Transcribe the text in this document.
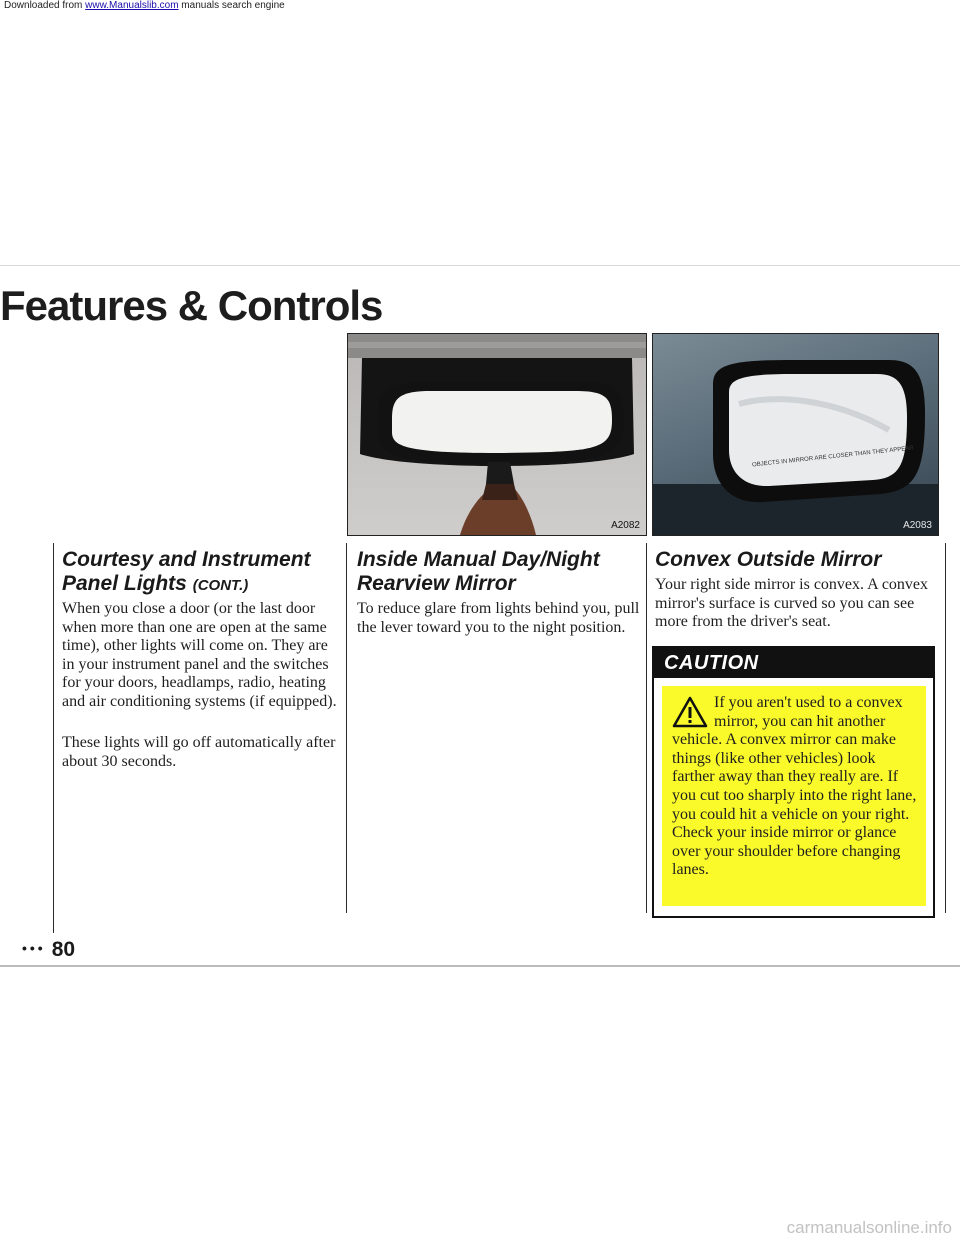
Downloaded from www.Manualslib.com manuals search engine
Features & Controls
A2082
OBJECTS IN MIRROR ARE CLOSER THAN THEY APPEAR
A2083
Courtesy and Instrument Panel Lights (CONT.)

When you close a door (or the last door when more than one are open at the same time), other lights will come on. They are in your instrument panel and the switches for your doors, headlamps, radio, heating and air conditioning systems (if equipped).

These lights will go off automatically after about 30 seconds.

Inside Manual Day/Night Rearview Mirror

To reduce glare from lights behind you, pull the lever toward you to the night position.

Convex Outside Mirror

Your right side mirror is convex. A convex mirror's surface is curved so you can see more from the driver's seat.

CAUTION

If you aren't used to a convex mirror, you can hit another vehicle. A convex mirror can make things (like other vehicles) look farther away than they really are. If you cut too sharply into the right lane, you could hit a vehicle on your right. Check your inside mirror or glance over your shoulder before changing lanes.

••• 80
carmanualsonline.info
